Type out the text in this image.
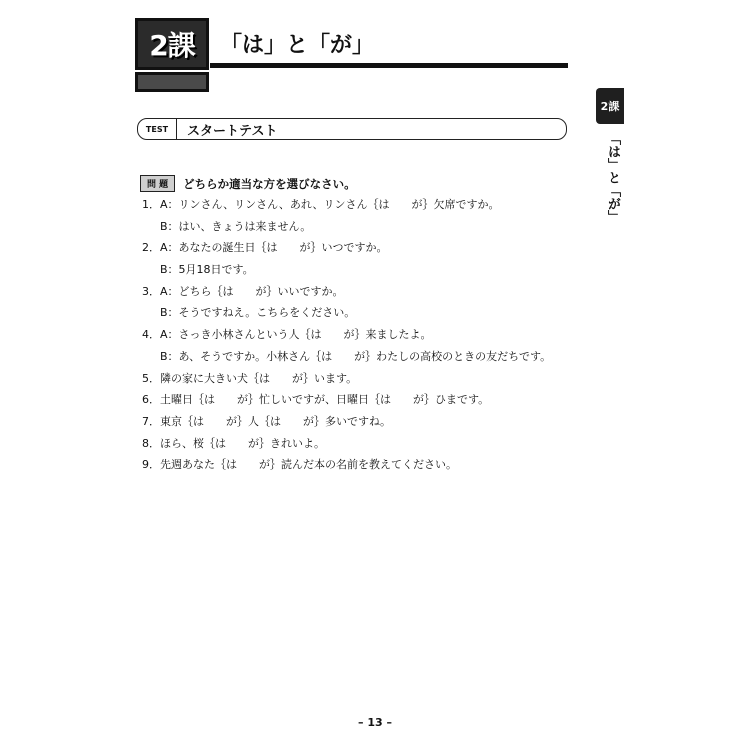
2課 「は」と「が」
2課
「は」と「が」
TEST	スタートテスト
問 題	どちらか適当な方を選びなさい。
1．A：リンさん、リンさん、あれ、リンさん｛は　　が｝欠席ですか。
B：はい、きょうは来ません。
2．A：あなたの誕生日｛は　　が｝いつですか。
B：5月18日です。
3．A：どちら｛は　　が｝いいですか。
B：そうですねえ。こちらをください。
4．A：さっき小林さんという人｛は　　が｝来ましたよ。
B：あ、そうですか。小林さん｛は　　が｝わたしの高校のときの友だちです。
5．隣の家に大きい犬｛は　　が｝います。
6．土曜日｛は　　が｝忙しいですが、日曜日｛は　　が｝ひまです。
7．東京｛は　　が｝人｛は　　が｝多いですね。
8．ほら、桜｛は　　が｝きれいよ。
9．先週あなた｛は　　が｝読んだ本の名前を教えてください。
– 13 –
